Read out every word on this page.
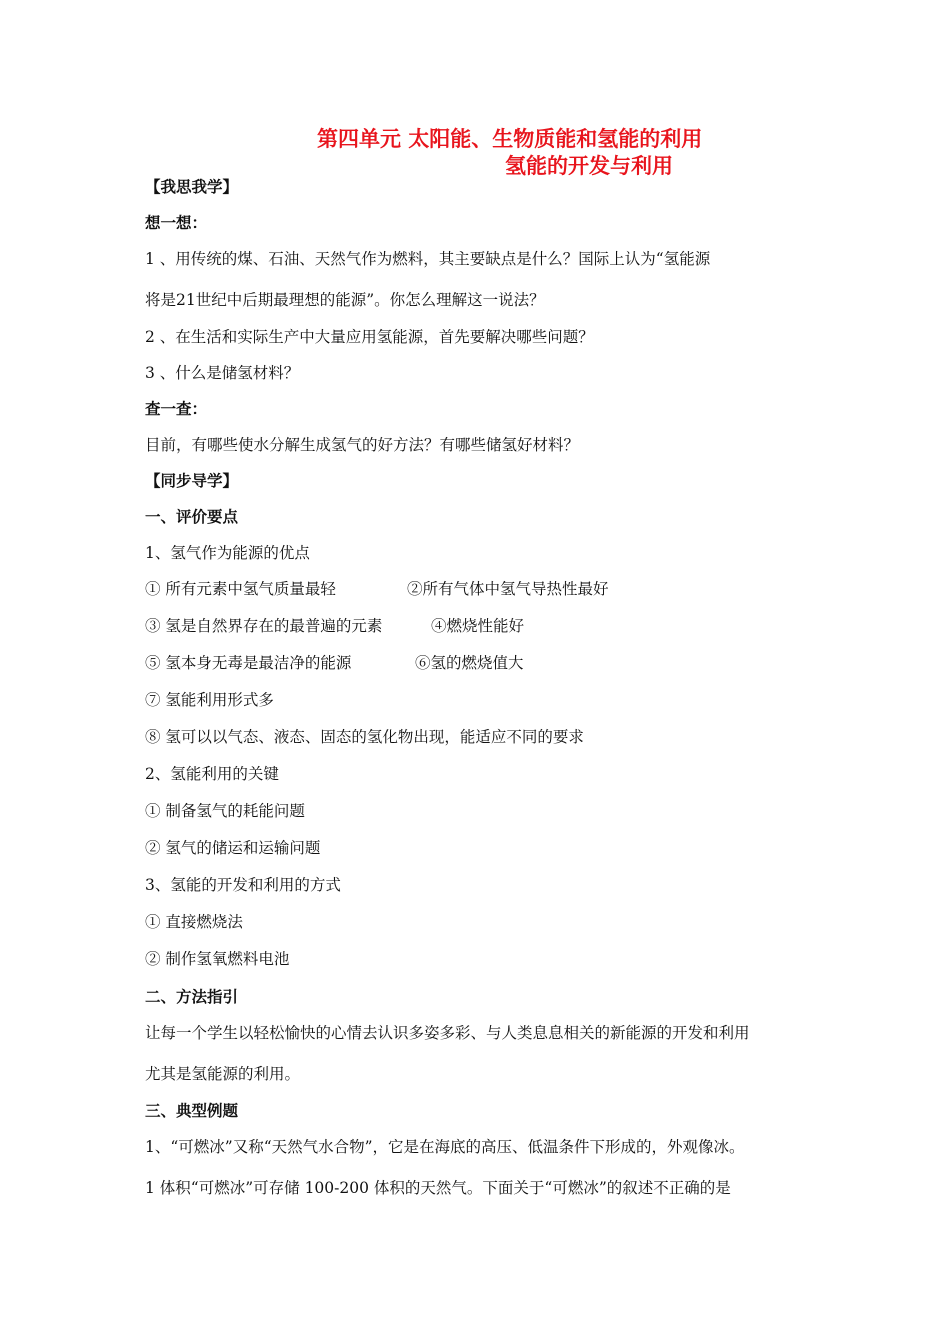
第四单元 太阳能、生物质能和氢能的利用
氢能的开发与利用
【我思我学】
想一想：
1 、用传统的煤、石油、天然气作为燃料，其主要缺点是什么？国际上认为“氢能源
将是21世纪中后期最理想的能源”。你怎么理解这一说法？
2 、在生活和实际生产中大量应用氢能源，首先要解决哪些问题？
3 、什么是储氢材料？
查一查：
目前，有哪些使水分解生成氢气的好方法？有哪些储氢好材料？
【同步导学】
一、评价要点
1、氢气作为能源的优点
① 所有元素中氢气质量最轻	②所有气体中氢气导热性最好
③ 氢是自然界存在的最普遍的元素	④燃烧性能好
⑤ 氢本身无毒是最洁净的能源	⑥氢的燃烧值大
⑦ 氢能利用形式多
⑧ 氢可以以气态、液态、固态的氢化物出现，能适应不同的要求
2、氢能利用的关键
① 制备氢气的耗能问题
② 氢气的储运和运输问题
3、氢能的开发和利用的方式
① 直接燃烧法
② 制作氢氧燃料电池
二、方法指引
让每一个学生以轻松愉快的心情去认识多姿多彩、与人类息息相关的新能源的开发和利用
尤其是氢能源的利用。
三、典型例题
1、“可燃冰”又称“天然气水合物”，它是在海底的高压、低温条件下形成的，外观像冰。
1 体积“可燃冰”可存储 100-200 体积的天然气。下面关于“可燃冰”的叙述不正确的是
